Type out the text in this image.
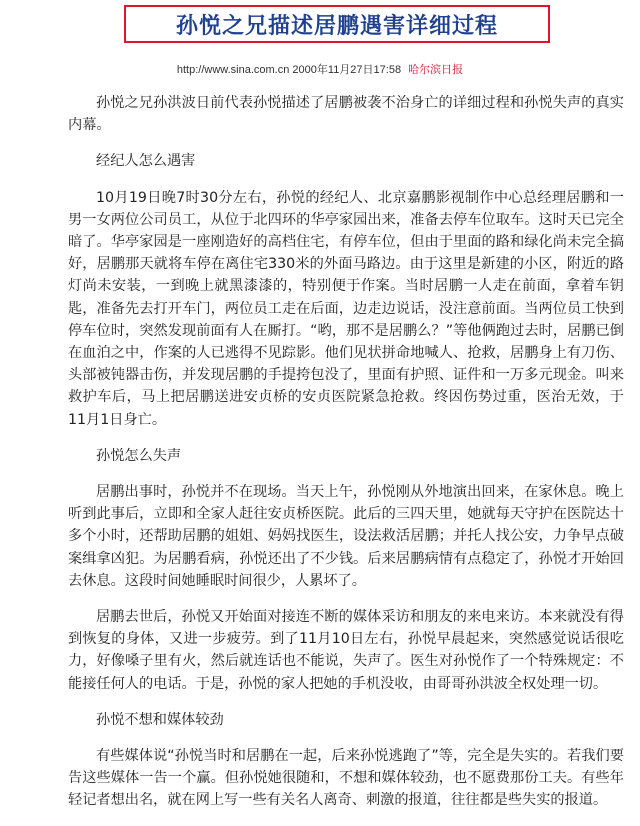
孙悦之兄描述居鹏遇害详细过程
http://www.sina.com.cn 2000年11月27日17:58 哈尔滨日报

孙悦之兄孙洪波日前代表孙悦描述了居鹏被袭不治身亡的详细过程和孙悦失声的真实内幕。

经纪人怎么遇害

10月19日晚7时30分左右，孙悦的经纪人、北京嘉鹏影视制作中心总经理居鹏和一男一女两位公司员工，从位于北四环的华亭家园出来，准备去停车位取车。这时天已完全暗了。华亭家园是一座刚造好的高档住宅，有停车位，但由于里面的路和绿化尚未完全搞好，居鹏那天就将车停在离住宅330米的外面马路边。由于这里是新建的小区，附近的路灯尚未安装，一到晚上就黑漆漆的，特别便于作案。当时居鹏一人走在前面，拿着车钥匙，准备先去打开车门，两位员工走在后面，边走边说话，没注意前面。当两位员工快到停车位时，突然发现前面有人在厮打。“哟，那不是居鹏么？”等他俩跑过去时，居鹏已倒在血泊之中，作案的人已逃得不见踪影。他们见状拼命地喊人、抢救，居鹏身上有刀伤、头部被钝器击伤，并发现居鹏的手提挎包没了，里面有护照、证件和一万多元现金。叫来救护车后，马上把居鹏送进安贞桥的安贞医院紧急抢救。终因伤势过重，医治无效，于11月1日身亡。

孙悦怎么失声

居鹏出事时，孙悦并不在现场。当天上午，孙悦刚从外地演出回来，在家休息。晚上听到此事后，立即和全家人赶往安贞桥医院。此后的三四天里，她就每天守护在医院达十多个小时，还帮助居鹏的姐姐、妈妈找医生，设法救活居鹏；并托人找公安，力争早点破案缉拿凶犯。为居鹏看病，孙悦还出了不少钱。后来居鹏病情有点稳定了，孙悦才开始回去休息。这段时间她睡眠时间很少，人累坏了。

居鹏去世后，孙悦又开始面对接连不断的媒体采访和朋友的来电来访。本来就没有得到恢复的身体，又进一步疲劳。到了11月10日左右，孙悦早晨起来，突然感觉说话很吃力，好像嗓子里有火，然后就连话也不能说，失声了。医生对孙悦作了一个特殊规定：不能接任何人的电话。于是，孙悦的家人把她的手机没收，由哥哥孙洪波全权处理一切。

孙悦不想和媒体较劲

有些媒体说“孙悦当时和居鹏在一起，后来孙悦逃跑了”等，完全是失实的。若我们要告这些媒体一告一个赢。但孙悦她很随和，不想和媒体较劲，也不愿费那份工夫。有些年轻记者想出名，就在网上写一些有关名人离奇、刺激的报道，往往都是些失实的报道。
